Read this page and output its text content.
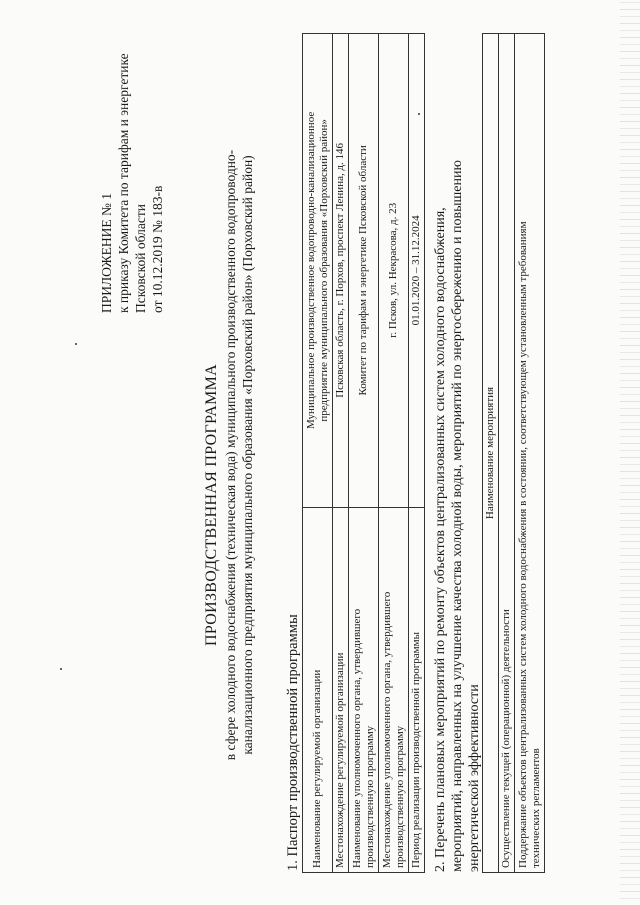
ПРИЛОЖЕНИЕ № 1 к приказу Комитета по тарифам и энергетике Псковской области от 10.12.2019 № 183-в
ПРОИЗВОДСТВЕННАЯ ПРОГРАММА в сфере холодного водоснабжения (техническая вода) муниципального производственного водопроводно- канализационного предприятия муниципального образования «Порховский район» (Порховский район) 1. Паспорт производственной программы Наименование регулируемой организации	Муниципальное производственное водопроводно-канализационное предприятие муниципального образования «Порховский район»

Местонахождение регулируемой организации	Псковская область, г. Порхов, проспект Ленина, д. 146

Наименование уполномоченного органа, утвердившего производственную программу	Комитет по тарифам и энергетике Псковской области

Местонахождение уполномоченного органа, утвердившего производственную программу	г. Псков, ул. Некрасова, д. 23
Период реализации производственной программы	01.01.2020 – 31.12.2024 2. Перечень плановых мероприятий по ремонту объектов централизованных систем холодного водоснабжения, мероприятий, направленных на улучшение качества холодной воды, мероприятий по энергосбережению и повышению энергетической эффективности
Наименование мероприятия
Осуществление текущей (операционной) деятельности

Поддержание объектов централизованных систем холодного водоснабжения в состоянии, соответствующем установленным требованиям технических регламентов
